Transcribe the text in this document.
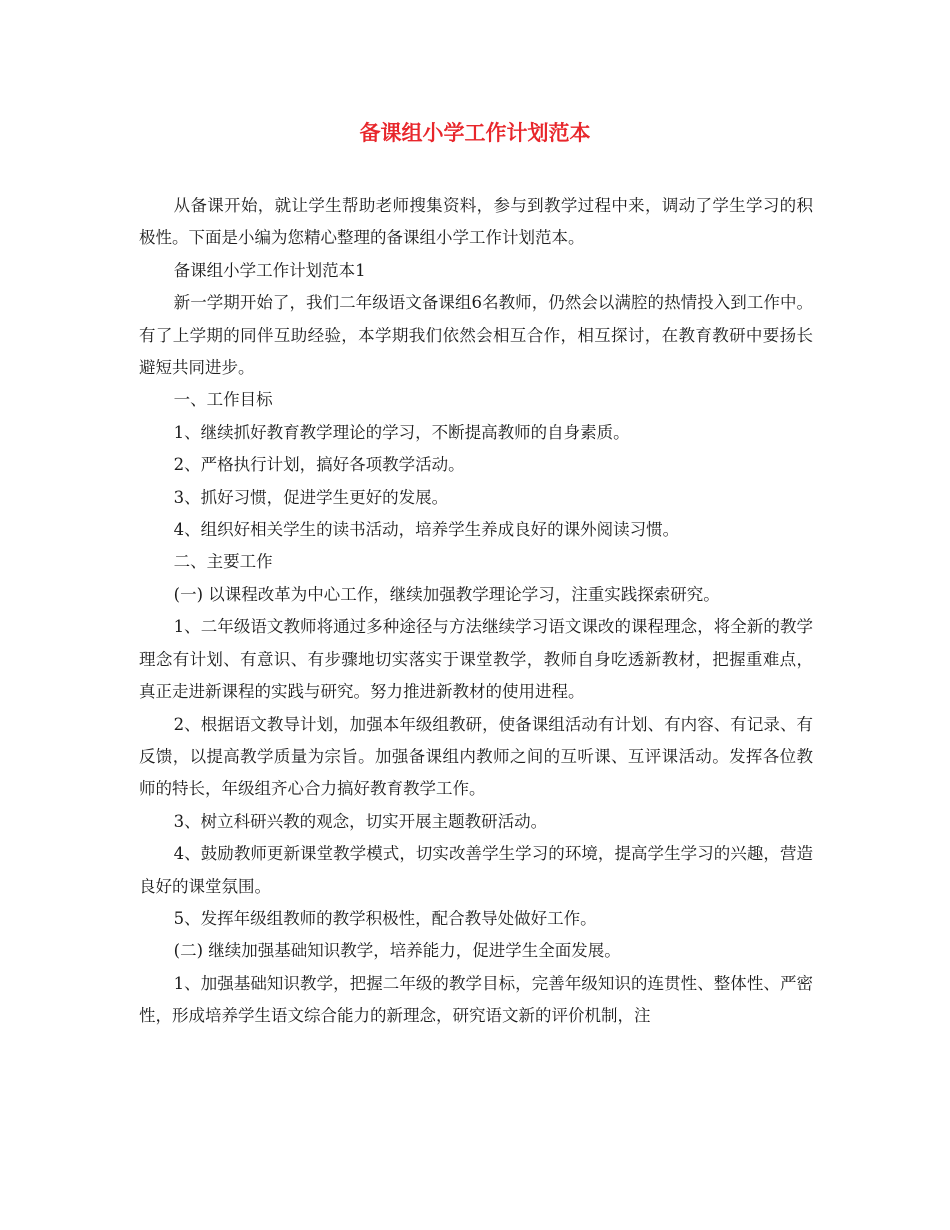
备课组小学工作计划范本

从备课开始，就让学生帮助老师搜集资料，参与到教学过程中来，调动了学生学习的积极性。下面是小编为您精心整理的备课组小学工作计划范本。

备课组小学工作计划范本1

新一学期开始了，我们二年级语文备课组6名教师，仍然会以满腔的热情投入到工作中。有了上学期的同伴互助经验，本学期我们依然会相互合作，相互探讨，在教育教研中要扬长避短共同进步。

一、工作目标

1、继续抓好教育教学理论的学习，不断提高教师的自身素质。

2、严格执行计划，搞好各项教学活动。

3、抓好习惯，促进学生更好的发展。

4、组织好相关学生的读书活动，培养学生养成良好的课外阅读习惯。

二、主要工作

(一) 以课程改革为中心工作，继续加强教学理论学习，注重实践探索研究。

1、二年级语文教师将通过多种途径与方法继续学习语文课改的课程理念，将全新的教学理念有计划、有意识、有步骤地切实落实于课堂教学，教师自身吃透新教材，把握重难点，真正走进新课程的实践与研究。努力推进新教材的使用进程。

2、根据语文教导计划，加强本年级组教研，使备课组活动有计划、有内容、有记录、有反馈，以提高教学质量为宗旨。加强备课组内教师之间的互听课、互评课活动。发挥各位教师的特长，年级组齐心合力搞好教育教学工作。

3、树立科研兴教的观念，切实开展主题教研活动。

4、鼓励教师更新课堂教学模式，切实改善学生学习的环境，提高学生学习的兴趣，营造良好的课堂氛围。

5、发挥年级组教师的教学积极性，配合教导处做好工作。

(二) 继续加强基础知识教学，培养能力，促进学生全面发展。

1、加强基础知识教学，把握二年级的教学目标，完善年级知识的连贯性、整体性、严密性，形成培养学生语文综合能力的新理念，研究语文新的评价机制，注
